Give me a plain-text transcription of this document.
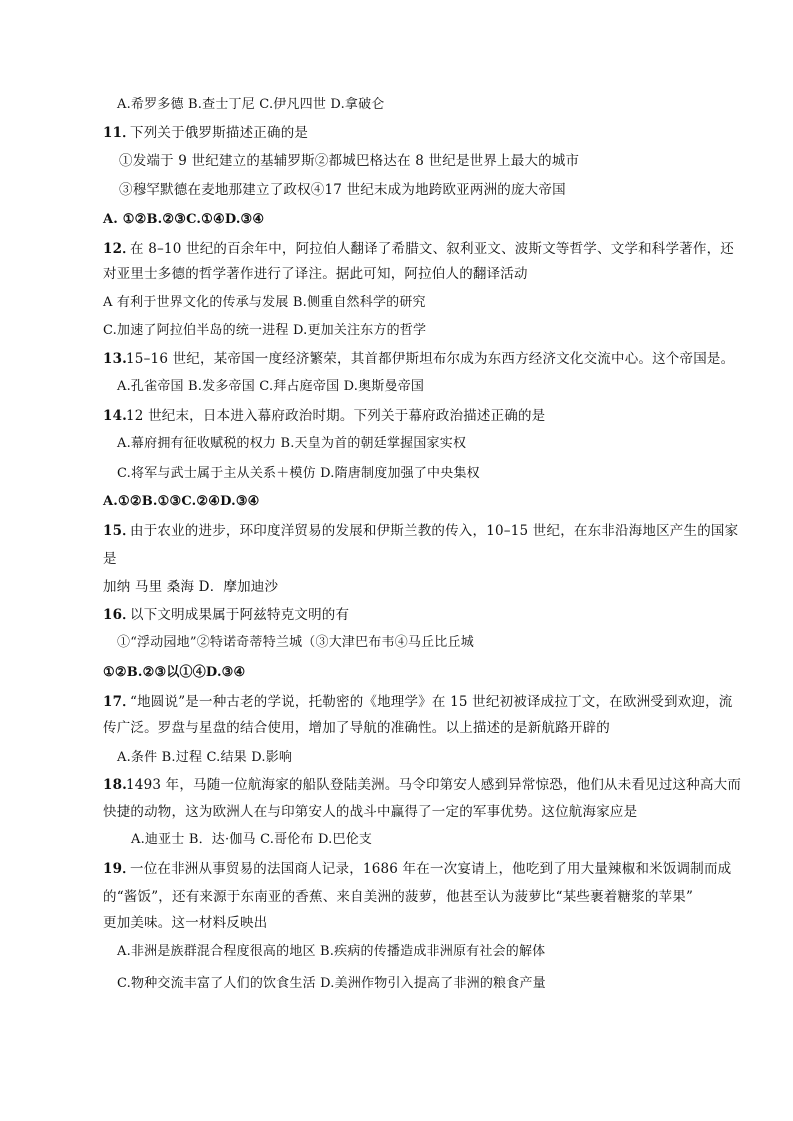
A.希罗多德 B.查士丁尼 C.伊凡四世 D.拿破仑
11．
下列关于俄罗斯描述正确的是
①发端于 9 世纪建立的基辅罗斯②都城巴格达在 8 世纪是世界上最大的城市
③穆罕默德在麦地那建立了政权④17 世纪末成为地跨欧亚两洲的庞大帝国
A. ①②B.②③C.①④D.③④
12．
在 8–10 世纪的百余年中，阿拉伯人翻译了希腊文、叙利亚文、波斯文等哲学、文学和科学著作，还
对亚里士多德的哲学著作进行了译注。据此可知，阿拉伯人的翻译活动
A 有利于世界文化的传承与发展 B.侧重自然科学的研究
C.加速了阿拉伯半岛的统一进程 D.更加关注东方的哲学
13.
15–16 世纪，某帝国一度经济繁荣，其首都伊斯坦布尔成为东西方经济文化交流中心。这个帝国是。
A.孔雀帝国 B.发多帝国 C.拜占庭帝国 D.奥斯曼帝国
14.
12 世纪末，日本进入幕府政治时期。下列关于幕府政治描述正确的是
A.幕府拥有征收赋税的权力 B.天皇为首的朝廷掌握国家实权
C.将军与武士属于主从关系＋模仿 D.隋唐制度加强了中央集权
A.①②B.①③C.②④D.③④
15．
由于农业的进步，环印度洋贸易的发展和伊斯兰教的传入，10–15 世纪，在东非沿海地区产生的国家
是
加纳 马里 桑海 D．摩加迪沙
16．
以下文明成果属于阿兹特克文明的有
①“浮动园地”②特诺奇蒂特兰城（③大津巴布韦④马丘比丘城
①②B.②③以①④D.③④
17．
“地圆说”是一种古老的学说，托勒密的《地理学》在 15 世纪初被译成拉丁文，在欧洲受到欢迎，流
传广泛。罗盘与星盘的结合使用，增加了导航的准确性。以上描述的是新航路开辟的
A.条件 B.过程 C.结果 D.影响
18.
1493 年，马随一位航海家的船队登陆美洲。马令印第安人感到异常惊恐，他们从未看见过这种高大而
快捷的动物，这为欧洲人在与印第安人的战斗中赢得了一定的军事优势。这位航海家应是
A.迪亚士 B．达·伽马 C.哥伦布 D.巴伦支
19．
一位在非洲从事贸易的法国商人记录，1686 年在一次宴请上，他吃到了用大量辣椒和米饭调制而成
的“酱饭”，还有来源于东南亚的香蕉、来自美洲的菠萝，他甚至认为菠萝比“某些裹着糖浆的苹果”
更加美味。这一材料反映出
A.非洲是族群混合程度很高的地区 B.疾病的传播造成非洲原有社会的解体
C.物种交流丰富了人们的饮食生活 D.美洲作物引入提高了非洲的粮食产量
